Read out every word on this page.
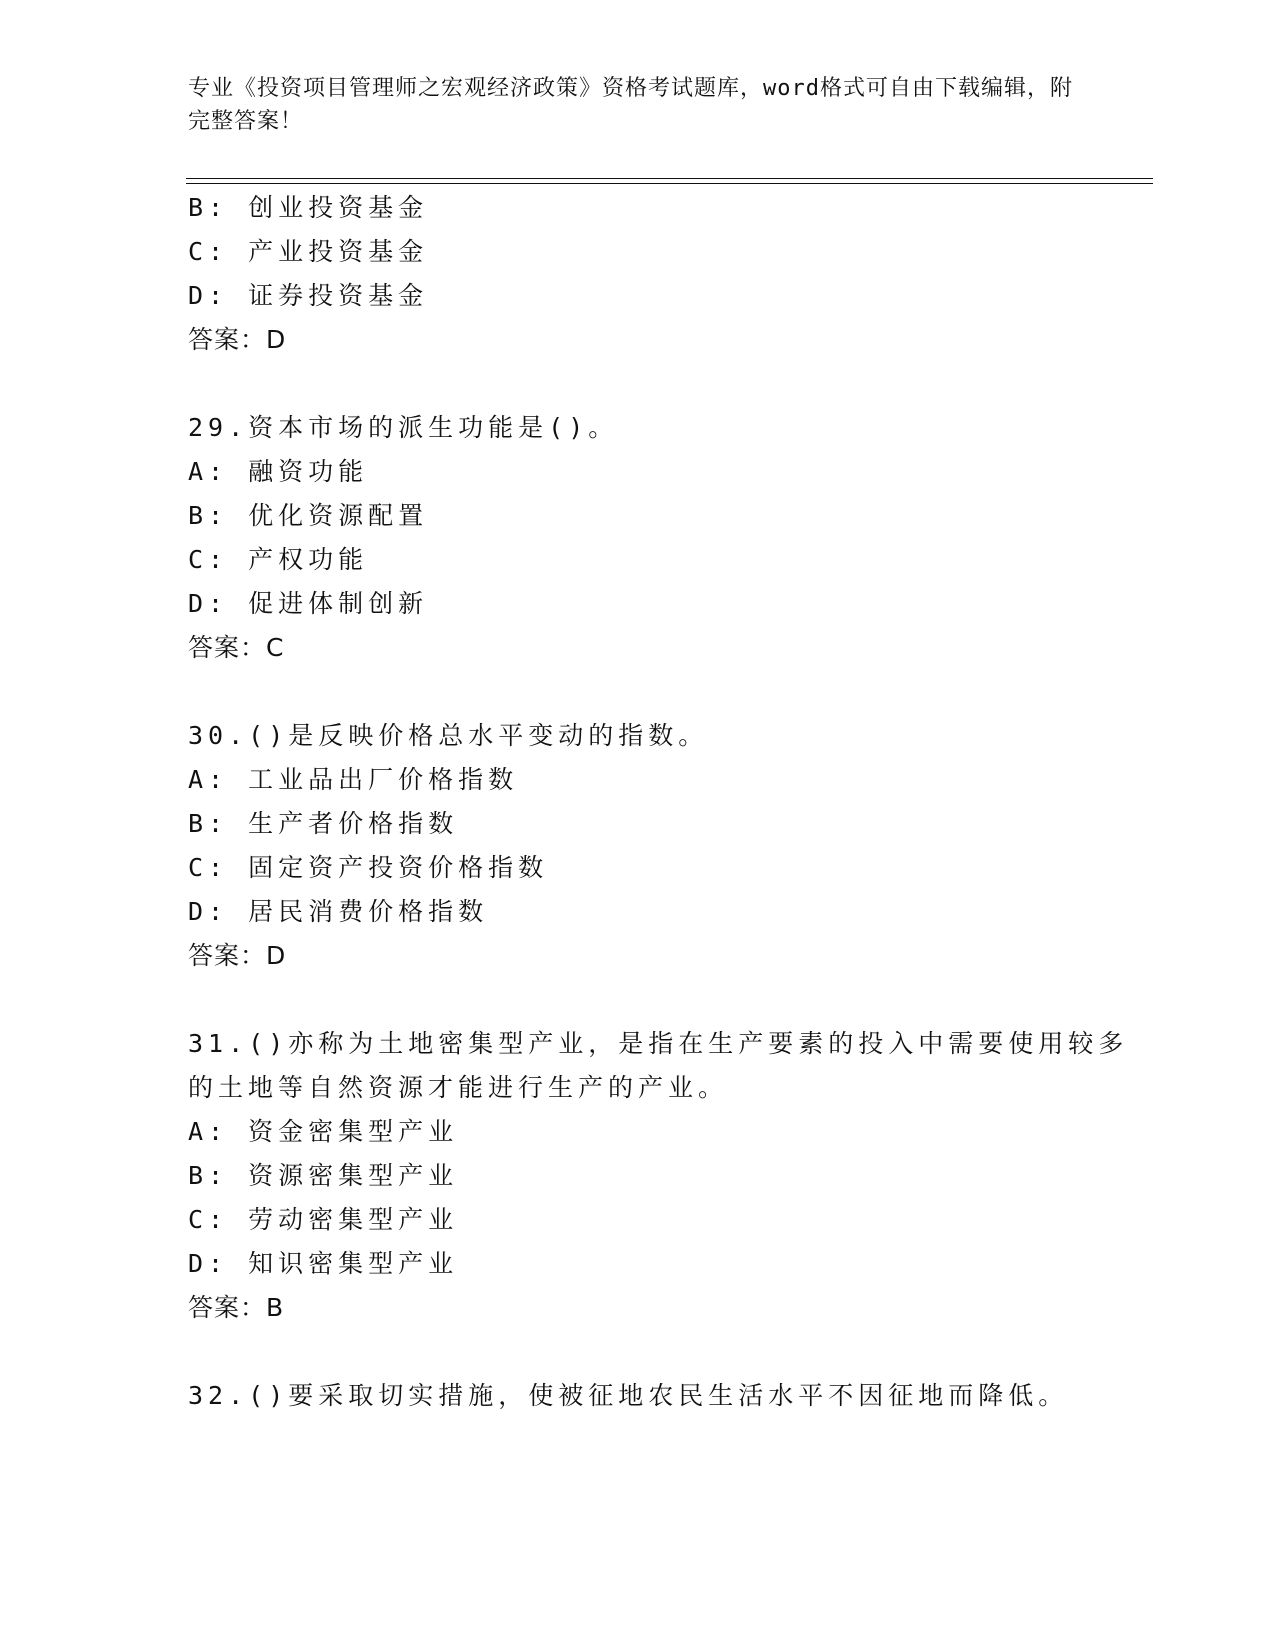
专业《投资项目管理师之宏观经济政策》资格考试题库，word格式可自由下载编辑，附完整答案！
B: 创业投资基金
C: 产业投资基金
D: 证券投资基金
答案：D
29.资本市场的派生功能是()。
A: 融资功能
B: 优化资源配置
C: 产权功能
D: 促进体制创新
答案：C
30.()是反映价格总水平变动的指数。
A: 工业品出厂价格指数
B: 生产者价格指数
C: 固定资产投资价格指数
D: 居民消费价格指数
答案：D
31.()亦称为土地密集型产业，是指在生产要素的投入中需要使用较多
的土地等自然资源才能进行生产的产业。
A: 资金密集型产业
B: 资源密集型产业
C: 劳动密集型产业
D: 知识密集型产业
答案：B
32.()要采取切实措施，使被征地农民生活水平不因征地而降低。
